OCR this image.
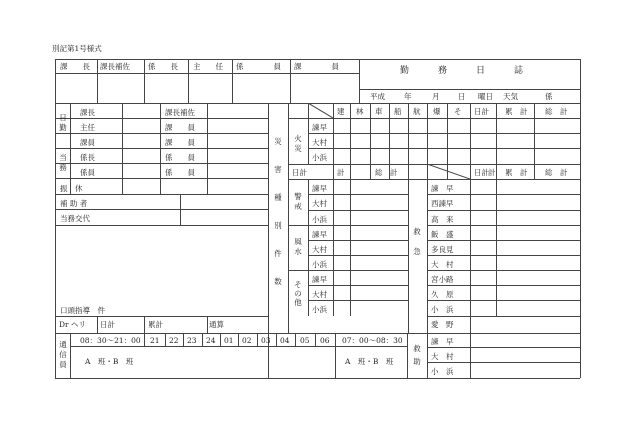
別記第1号様式
課　　長 課長補佐 係　　長 主　　任 係　　　　員 課　　　　員	勤　務　日　誌
平成	年	月 日 曜日 天気	係
日勤
当務
課長	課長補佐
主任	課　　員
課員	課　　員
係長	係　　員
係員	係　　員
振　休
補 助 者
当務交代
口頭指導　件
Dr ヘリ 日計	累計	通算
通信員
08：30〜21：00 21 22 23 24 01 02 03 04 05 06 07：00〜08：30
A　班・B　班	A　班・B　班
災害種別件数
建 林 車 船 航 爆 そ 日計 累　計 総　計
火災
諫早
大村
小浜
日計	計	総　計
警戒
諫早
大村
小浜
風水
諫早
大村
小浜
その他
諫早
大村
小浜
日計 計 累　計 総　計
救急
諫　早
西諫早
高　来
飯　盛
多良見
大　村
宮小路
久　原
小　浜
愛　野
救助
諫　早
大　村
小　浜
